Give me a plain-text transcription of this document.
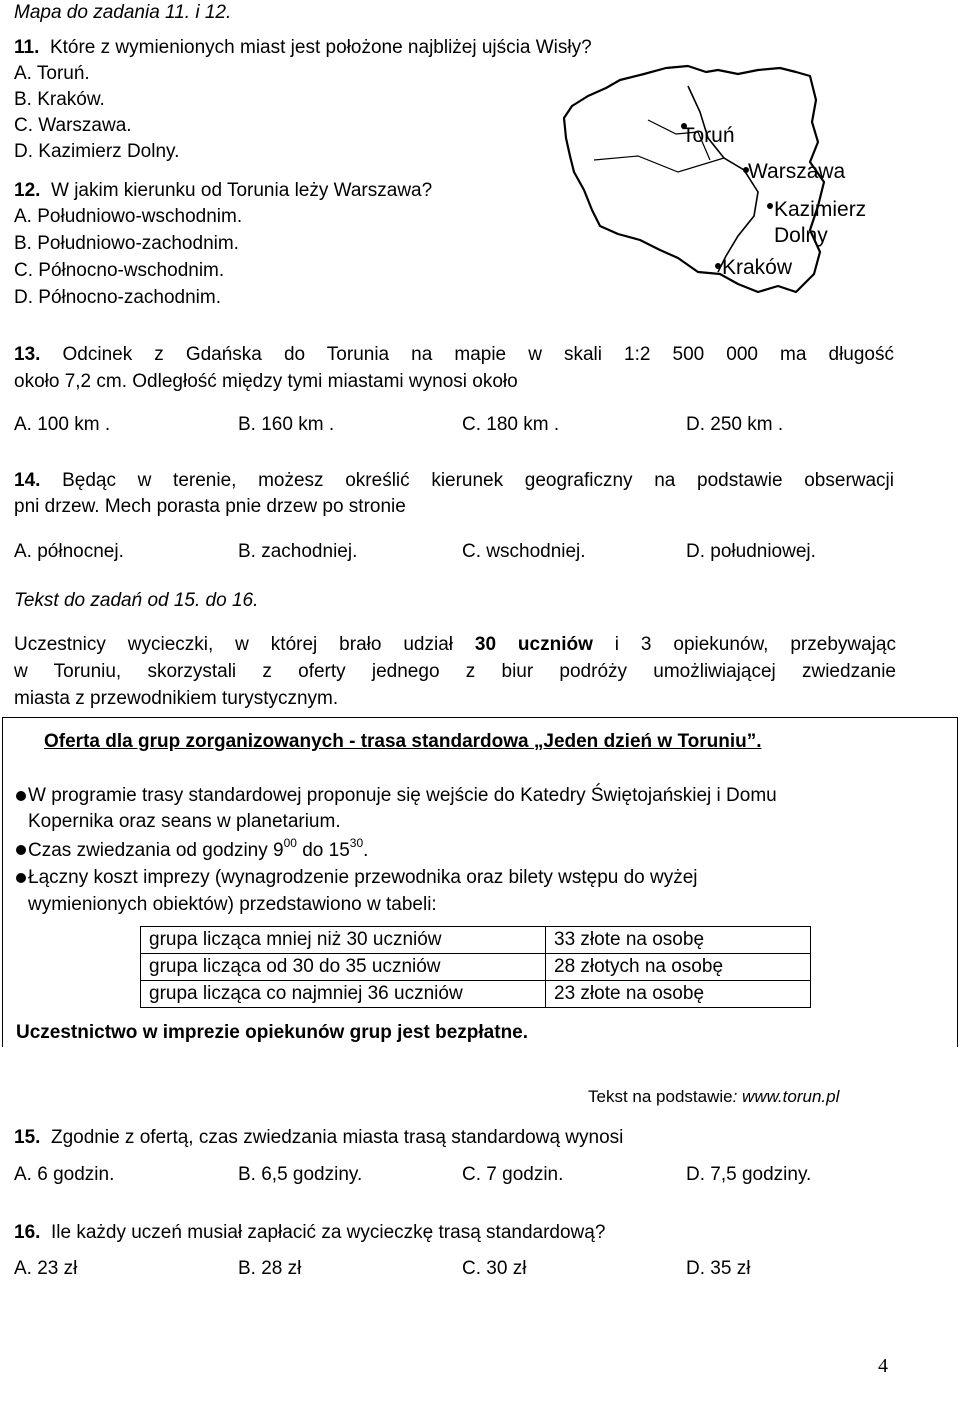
Mapa do zadania 11. i 12.
11. Które z wymienionych miast jest położone najbliżej ujścia Wisły?
A. Toruń.
B. Kraków.
C. Warszawa.
D. Kazimierz Dolny.
12. W jakim kierunku od Torunia leży Warszawa?
A. Południowo-wschodnim.
B. Południowo-zachodnim.
C. Północno-wschodnim.
D. Północno-zachodnim.
Toruń
Warszawa
Kazimierz
Dolny
Kraków
13. Odcinek z Gdańska do Torunia na mapie w skali 1:2 500 000 ma długość
około 7,2 cm. Odległość między tymi miastami wynosi około
A. 100 km .	B. 160 km .	C. 180 km .	D. 250 km .
14. Będąc w terenie, możesz określić kierunek geograficzny na podstawie obserwacji
pni drzew. Mech porasta pnie drzew po stronie
A. północnej.	B. zachodniej.	C. wschodniej.	D. południowej.
Tekst do zadań od 15. do 16.
Uczestnicy wycieczki, w której brało udział 30 uczniów i 3 opiekunów, przebywając
w Toruniu, skorzystali z oferty jednego z biur podróży umożliwiającej zwiedzanie
miasta z przewodnikiem turystycznym.
Oferta dla grup zorganizowanych - trasa standardowa „Jeden dzień w Toruniu”.
W programie trasy standardowej proponuje się wejście do Katedry Świętojańskiej i Domu
Kopernika oraz seans w planetarium.
Czas zwiedzania od godziny $9^{00}$ do $15^{30}$.
Łączny koszt imprezy (wynagrodzenie przewodnika oraz bilety wstępu do wyżej
wymienionych obiektów) przedstawiono w tabeli:
grupa licząca mniej niż 30 uczniów	33 złote na osobę
grupa licząca od 30 do 35 uczniów	28 złotych na osobę
grupa licząca co najmniej 36 uczniów	23 złote na osobę
Uczestnictwo w imprezie opiekunów grup jest bezpłatne.
Tekst na podstawie: www.torun.pl
15. Zgodnie z ofertą, czas zwiedzania miasta trasą standardową wynosi
A. 6 godzin.	B. 6,5 godziny.	C. 7 godzin.	D. 7,5 godziny.
16. Ile każdy uczeń musiał zapłacić za wycieczkę trasą standardową?
A. 23 zł	B. 28 zł	C. 30 zł	D. 35 zł
4
